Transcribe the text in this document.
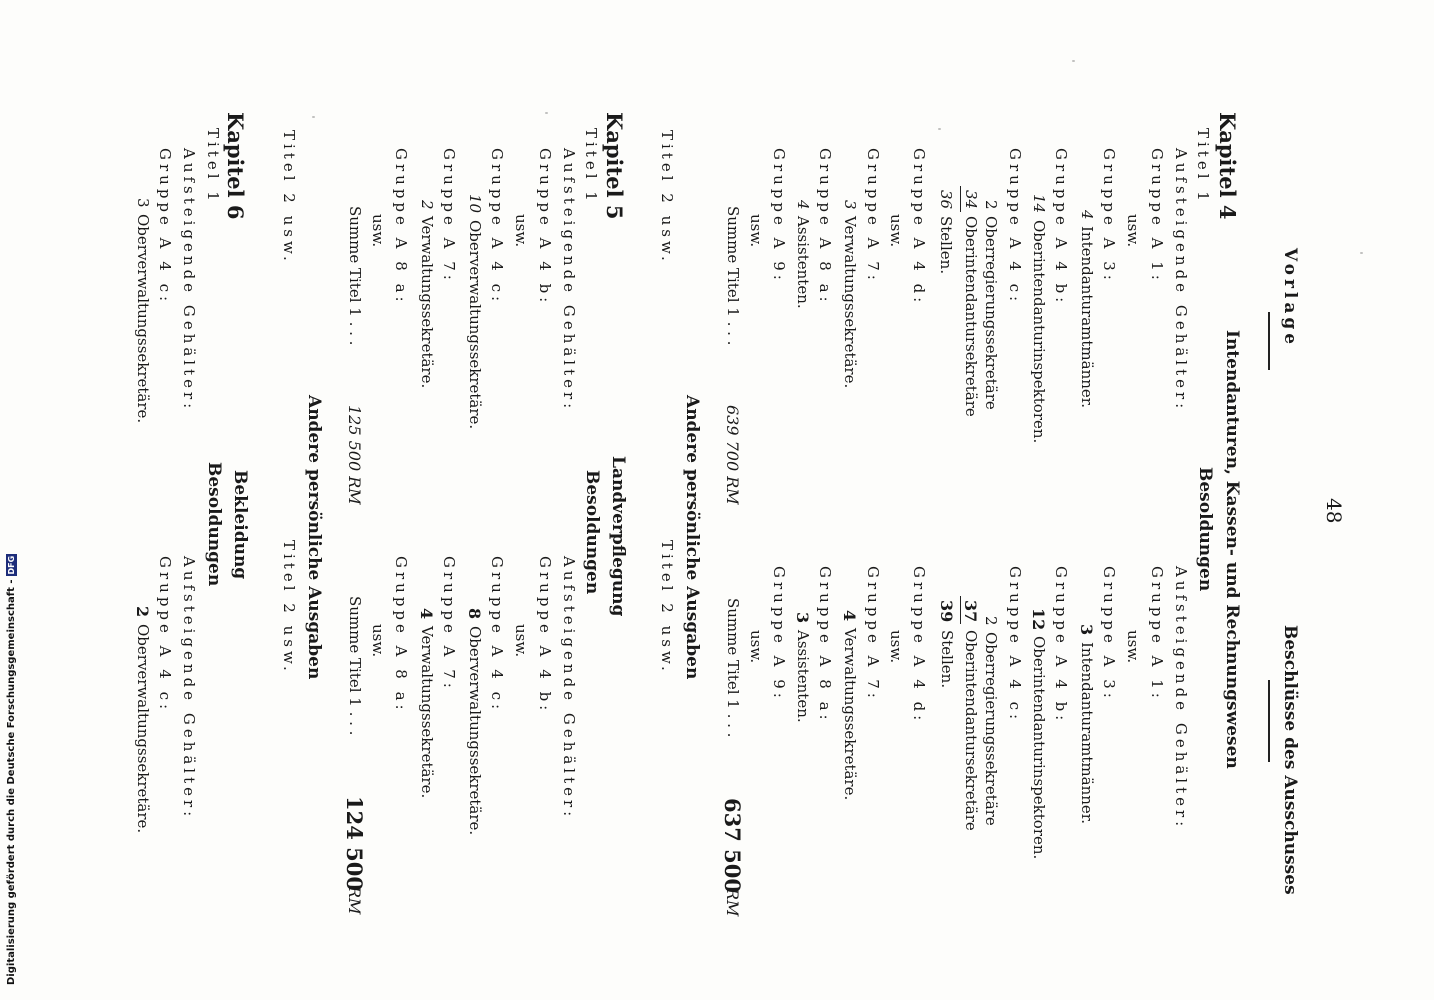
48
Vorlage
Kapitel 4
Intendanturen, Kassen- und Rechnungswesen
Besoldungen
Titel 1
Aufsteigende Gehälter:
Gruppe A 1:
usw.
Gruppe A 3:
4
Intendanturamtmänner.
Gruppe A 4 b:
14
Oberintendanturinspektoren.
Gruppe A 4 c:
2
Oberregierungssekretäre
34
Oberintendantursekretäre
36
Stellen.
Gruppe A 4 d:
usw.
Gruppe A 7:
3
Verwaltungssekretäre.
Gruppe A 8 a:
4
Assistenten.
Gruppe A 9:
usw.
Summe Titel 1 . . .
639 700 RM
Andere persönliche Ausgaben
Titel 2 usw.
Kapitel 5
Landverpflegung
Besoldungen
Titel 1
Aufsteigende Gehälter:
Gruppe A 4 b:
usw.
Gruppe A 4 c:
10
Oberverwaltungssekretäre.
Gruppe A 7:
2
Verwaltungssekretäre.
Gruppe A 8 a:
usw.
Summe Titel 1 . . .
125 500 RM
Andere persönliche Ausgaben
Titel 2 usw.
Kapitel 6
Bekleidung
Besoldungen
Titel 1
Aufsteigende Gehälter:
Gruppe A 4 c:
3
Oberverwaltungssekretäre.
Beschlüsse des Ausschusses
Aufsteigende Gehälter:
Gruppe A 1:
usw.
Gruppe A 3:
3
Intendanturamtmänner.
Gruppe A 4 b:
12
Oberintendanturinspektoren.
Gruppe A 4 c:
2
Oberregierungssekretäre
37
Oberintendantursekretäre
39
Stellen.
Gruppe A 4 d:
usw.
Gruppe A 7:
4
Verwaltungssekretäre.
Gruppe A 8 a:
3
Assistenten.
Gruppe A 9:
usw.
Summe Titel 1 . . .
637 500
RM
Titel 2 usw.
Aufsteigende Gehälter:
Gruppe A 4 b:
usw.
Gruppe A 4 c:
8
Oberverwaltungssekretäre.
Gruppe A 7:
4
Verwaltungssekretäre.
Gruppe A 8 a:
usw.
Summe Titel 1 . . .
124 500
RM
Titel 2 usw.
Aufsteigende Gehälter:
Gruppe A 4 c:
2
Oberverwaltungssekretäre.
Digitalisierung gefördert durch die Deutsche Forschungsgemeinschaft -DFG
